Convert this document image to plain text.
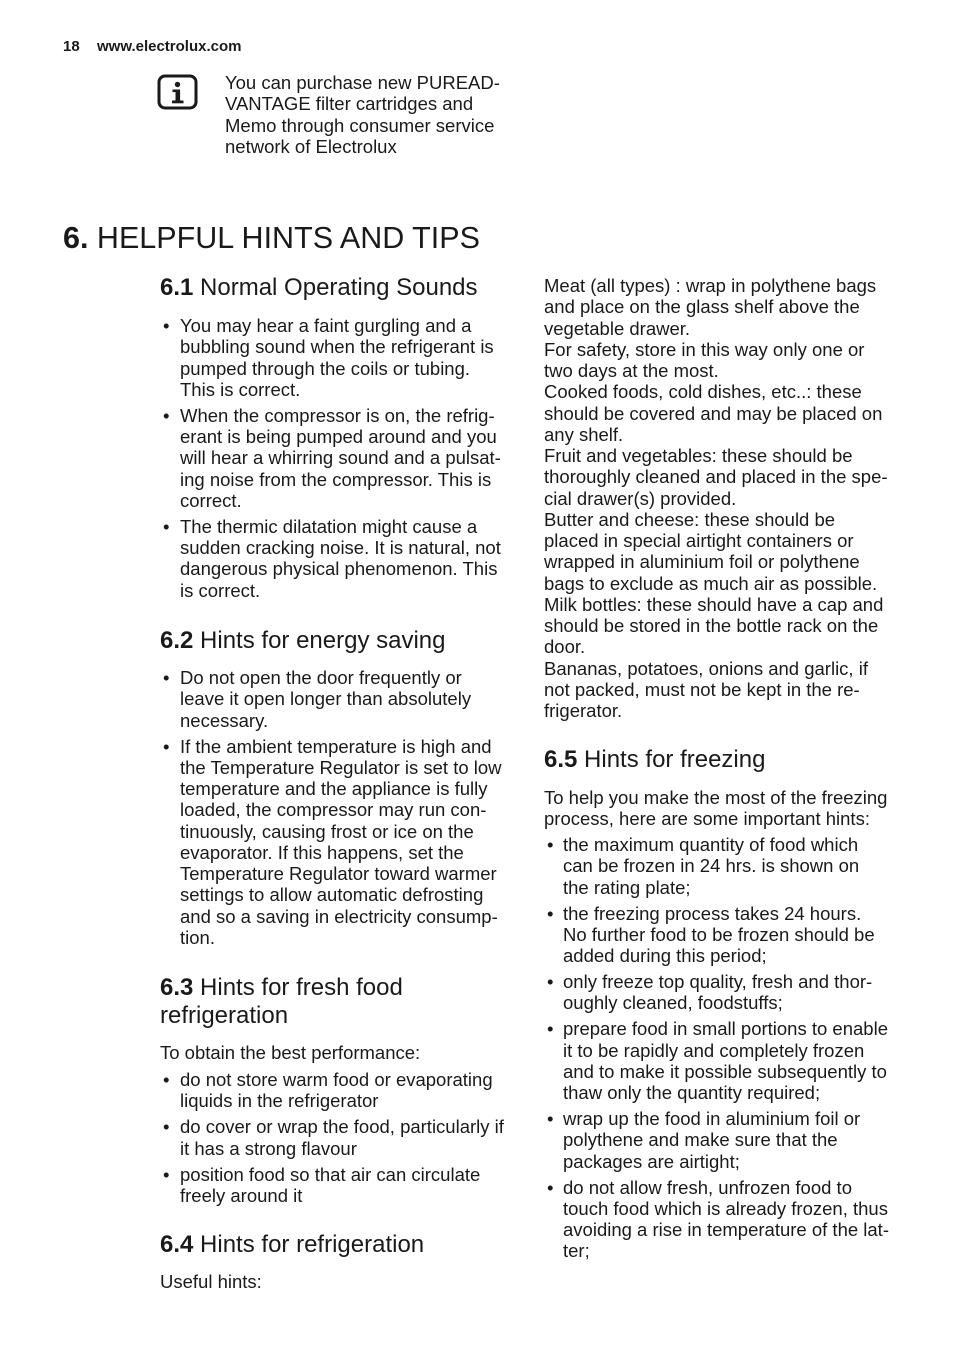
18 www.electrolux.com
You can purchase new PUREAD-
VANTAGE filter cartridges and
Memo through consumer service
network of Electrolux
6. HELPFUL HINTS AND TIPS
6.1 Normal Operating Sounds
• You may hear a faint gurgling and a
bubbling sound when the refrigerant is
pumped through the coils or tubing.
This is correct.
• When the compressor is on, the refrig-
erant is being pumped around and you
will hear a whirring sound and a pulsat-
ing noise from the compressor. This is
correct.
• The thermic dilatation might cause a
sudden cracking noise. It is natural, not
dangerous physical phenomenon. This
is correct.
6.2 Hints for energy saving
• Do not open the door frequently or
leave it open longer than absolutely
necessary.
• If the ambient temperature is high and
the Temperature Regulator is set to low
temperature and the appliance is fully
loaded, the compressor may run con-
tinuously, causing frost or ice on the
evaporator. If this happens, set the
Temperature Regulator toward warmer
settings to allow automatic defrosting
and so a saving in electricity consump-
tion.
6.3 Hints for fresh food
refrigeration
To obtain the best performance:
• do not store warm food or evaporating
liquids in the refrigerator
• do cover or wrap the food, particularly if
it has a strong flavour
• position food so that air can circulate
freely around it
6.4 Hints for refrigeration
Useful hints:

Meat (all types) : wrap in polythene bags
and place on the glass shelf above the
vegetable drawer.

For safety, store in this way only one or
two days at the most.

Cooked foods, cold dishes, etc..: these
should be covered and may be placed on
any shelf.

Fruit and vegetables: these should be
thoroughly cleaned and placed in the spe-
cial drawer(s) provided.

Butter and cheese: these should be
placed in special airtight containers or
wrapped in aluminium foil or polythene
bags to exclude as much air as possible.

Milk bottles: these should have a cap and
should be stored in the bottle rack on the
door.

Bananas, potatoes, onions and garlic, if
not packed, must not be kept in the re-
frigerator.

6.5 Hints for freezing
To help you make the most of the freezing
process, here are some important hints:
• the maximum quantity of food which
can be frozen in 24 hrs. is shown on
the rating plate;
• the freezing process takes 24 hours.
No further food to be frozen should be
added during this period;
• only freeze top quality, fresh and thor-
oughly cleaned, foodstuffs;
• prepare food in small portions to enable
it to be rapidly and completely frozen
and to make it possible subsequently to
thaw only the quantity required;
• wrap up the food in aluminium foil or
polythene and make sure that the
packages are airtight;
• do not allow fresh, unfrozen food to
touch food which is already frozen, thus
avoiding a rise in temperature of the lat-
ter;
